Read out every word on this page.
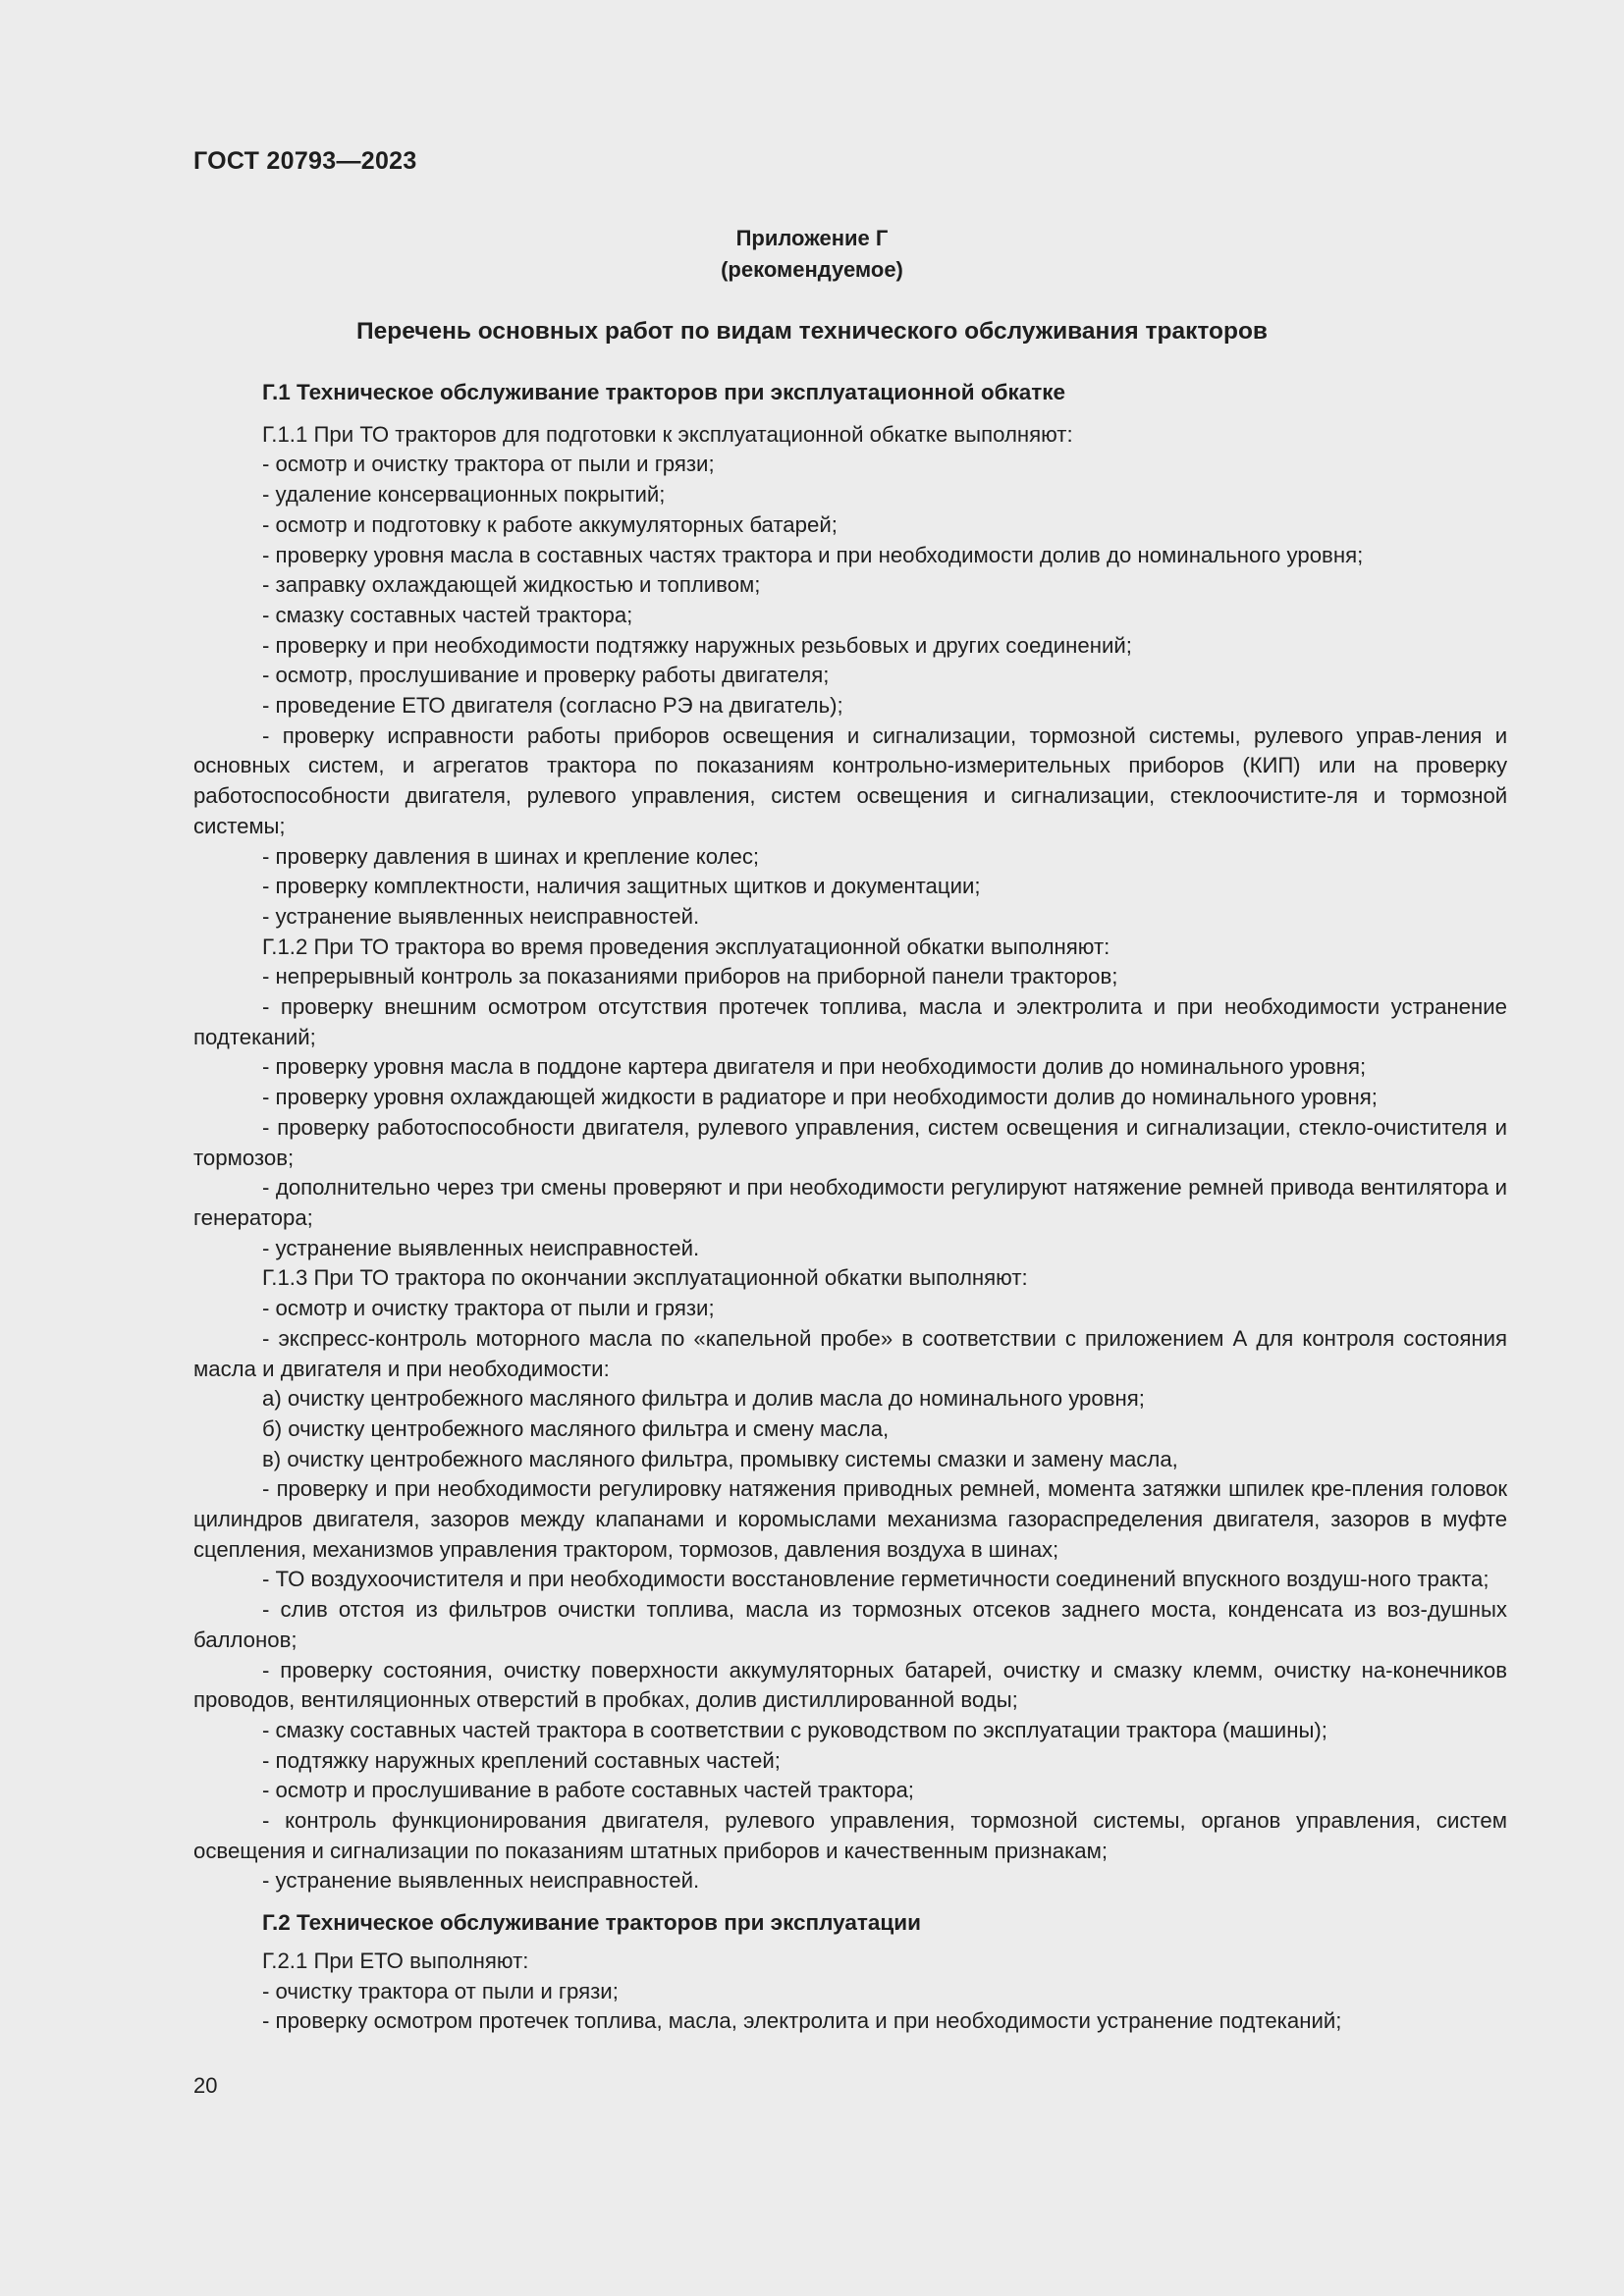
ГОСТ 20793—2023
Приложение Г
(рекомендуемое)
Перечень основных работ по видам технического обслуживания тракторов
Г.1 Техническое обслуживание тракторов при эксплуатационной обкатке
Г.1.1 При ТО тракторов для подготовки к эксплуатационной обкатке выполняют:
- осмотр и очистку трактора от пыли и грязи;
- удаление консервационных покрытий;
- осмотр и подготовку к работе аккумуляторных батарей;
- проверку уровня масла в составных частях трактора и при необходимости долив до номинального уровня;
- заправку охлаждающей жидкостью и топливом;
- смазку составных частей трактора;
- проверку и при необходимости подтяжку наружных резьбовых и других соединений;
- осмотр, прослушивание и проверку работы двигателя;
- проведение ЕТО двигателя (согласно РЭ на двигатель);
- проверку исправности работы приборов освещения и сигнализации, тормозной системы, рулевого управ-ления и основных систем, и агрегатов трактора по показаниям контрольно-измерительных приборов (КИП) или на проверку работоспособности двигателя, рулевого управления, систем освещения и сигнализации, стеклоочистите-ля и тормозной системы;
- проверку давления в шинах и крепление колес;
- проверку комплектности, наличия защитных щитков и документации;
- устранение выявленных неисправностей.
Г.1.2 При ТО трактора во время проведения эксплуатационной обкатки выполняют:
- непрерывный контроль за показаниями приборов на приборной панели тракторов;
- проверку внешним осмотром отсутствия протечек топлива, масла и электролита и при необходимости устранение подтеканий;
- проверку уровня масла в поддоне картера двигателя и при необходимости долив до номинального уровня;
- проверку уровня охлаждающей жидкости в радиаторе и при необходимости долив до номинального уровня;
- проверку работоспособности двигателя, рулевого управления, систем освещения и сигнализации, стекло-очистителя и тормозов;
- дополнительно через три смены проверяют и при необходимости регулируют натяжение ремней привода вентилятора и генератора;
- устранение выявленных неисправностей.
Г.1.3 При ТО трактора по окончании эксплуатационной обкатки выполняют:
- осмотр и очистку трактора от пыли и грязи;
- экспресс-контроль моторного масла по «капельной пробе» в соответствии с приложением А для контроля состояния масла и двигателя и при необходимости:
а) очистку центробежного масляного фильтра и долив масла до номинального уровня;
б) очистку центробежного масляного фильтра и смену масла,
в) очистку центробежного масляного фильтра, промывку системы смазки и замену масла,
- проверку и при необходимости регулировку натяжения приводных ремней, момента затяжки шпилек кре-пления головок цилиндров двигателя, зазоров между клапанами и коромыслами механизма газораспределения двигателя, зазоров в муфте сцепления, механизмов управления трактором, тормозов, давления воздуха в шинах;
- ТО воздухоочистителя и при необходимости восстановление герметичности соединений впускного воздуш-ного тракта;
- слив отстоя из фильтров очистки топлива, масла из тормозных отсеков заднего моста, конденсата из воз-душных баллонов;
- проверку состояния, очистку поверхности аккумуляторных батарей, очистку и смазку клемм, очистку на-конечников проводов, вентиляционных отверстий в пробках, долив дистиллированной воды;
- смазку составных частей трактора в соответствии с руководством по эксплуатации трактора (машины);
- подтяжку наружных креплений составных частей;
- осмотр и прослушивание в работе составных частей трактора;
- контроль функционирования двигателя, рулевого управления, тормозной системы, органов управления, систем освещения и сигнализации по показаниям штатных приборов и качественным признакам;
- устранение выявленных неисправностей.
Г.2 Техническое обслуживание тракторов при эксплуатации
Г.2.1 При ЕТО выполняют:
- очистку трактора от пыли и грязи;
- проверку осмотром протечек топлива, масла, электролита и при необходимости устранение подтеканий;
20
